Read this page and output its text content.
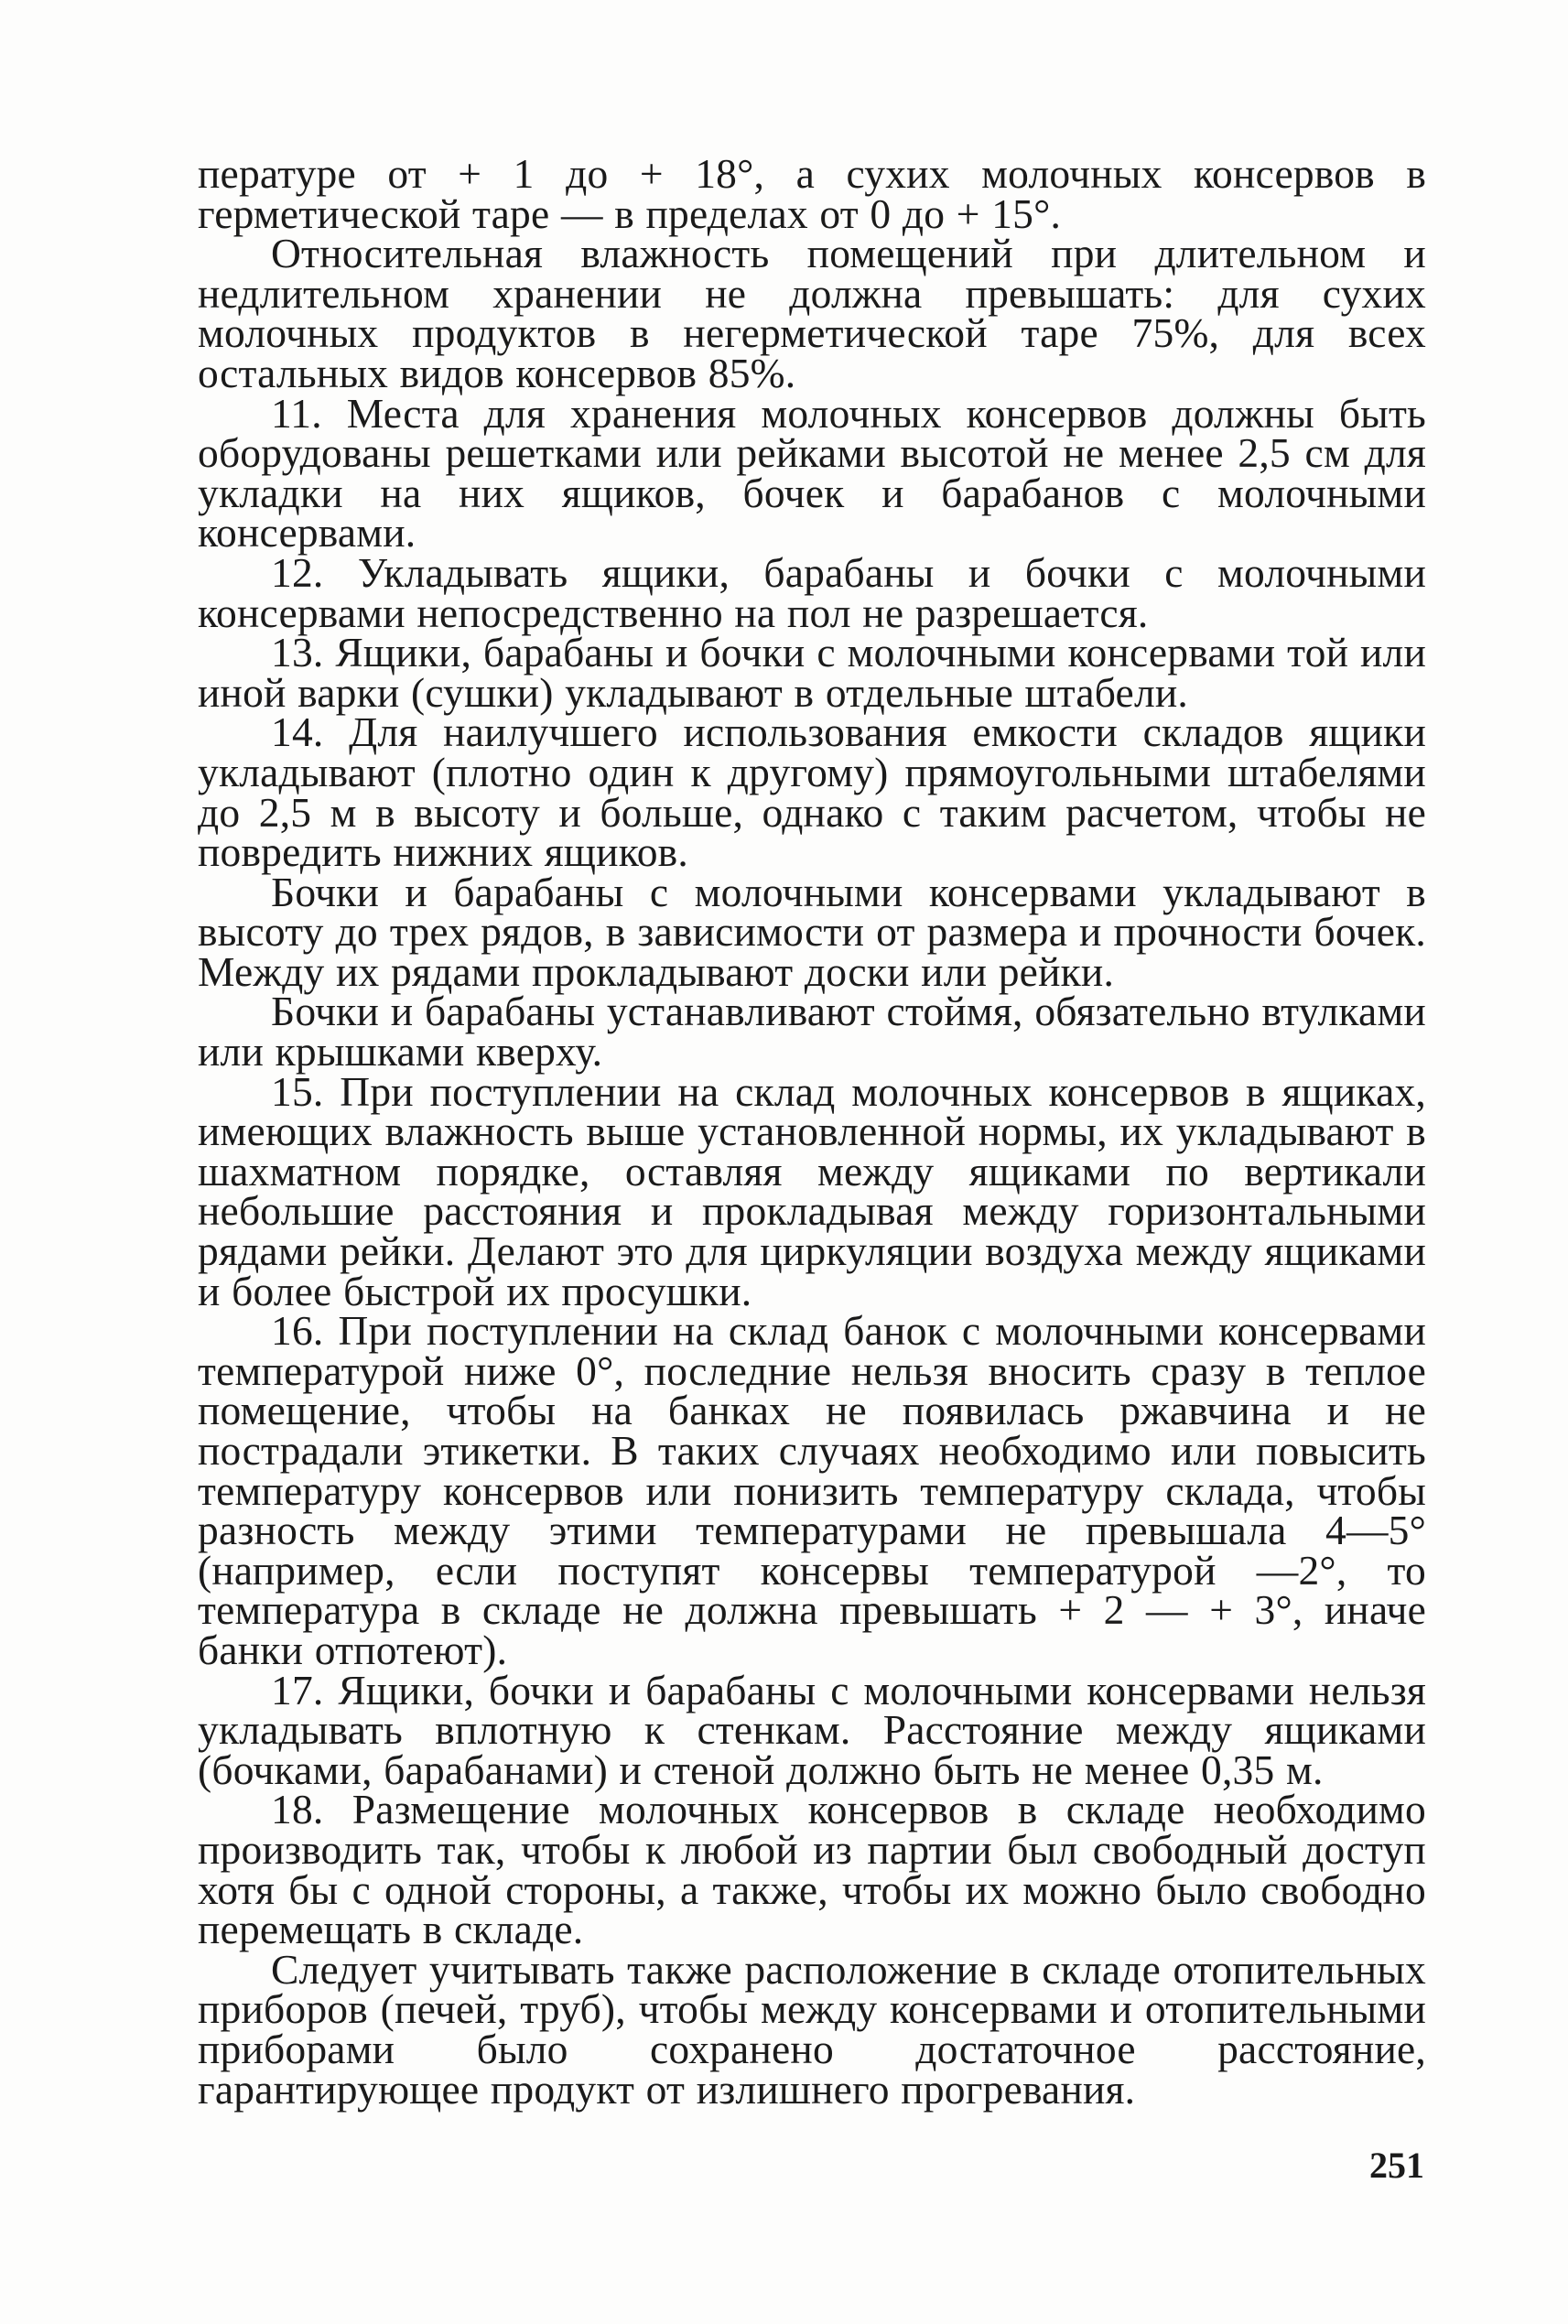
пературе от + 1 до + 18°, а сухих молочных консервов в герметической таре — в пределах от 0 до + 15°.

Относительная влажность помещений при длительном и недлительном хранении не должна превышать: для сухих молочных продуктов в негерметической таре 75%, для всех остальных видов консервов 85%.

11. Места для хранения молочных консервов должны быть оборудованы решетками или рейками высотой не менее 2,5 см для укладки на них ящиков, бочек и барабанов с молочными консервами.

12. Укладывать ящики, барабаны и бочки с молочными консервами непосредственно на пол не разрешается.

13. Ящики, барабаны и бочки с молочными консервами той или иной варки (сушки) укладывают в отдельные штабели.

14. Для наилучшего использования емкости складов ящики укладывают (плотно один к другому) прямоугольными штабелями до 2,5 м в высоту и больше, однако с таким расчетом, чтобы не повредить нижних ящиков.

Бочки и барабаны с молочными консервами укладывают в высоту до трех рядов, в зависимости от размера и прочности бочек. Между их рядами прокладывают доски или рейки.

Бочки и барабаны устанавливают стоймя, обязательно втулками или крышками кверху.

15. При поступлении на склад молочных консервов в ящиках, имеющих влажность выше установленной нормы, их укладывают в шахматном порядке, оставляя между ящиками по вертикали небольшие расстояния и прокладывая между горизонтальными рядами рейки. Делают это для циркуляции воздуха между ящиками и более быстрой их просушки.

16. При поступлении на склад банок с молочными консервами температурой ниже 0°, последние нельзя вносить сразу в теплое помещение, чтобы на банках не появилась ржавчина и не пострадали этикетки. В таких случаях необходимо или повысить температуру консервов или понизить температуру склада, чтобы разность между этими температурами не превышала 4—5° (например, если поступят консервы температурой —2°, то температура в складе не должна превышать + 2 — + 3°, иначе банки отпотеют).

17. Ящики, бочки и барабаны с молочными консервами нельзя укладывать вплотную к стенкам. Расстояние между ящиками (бочками, барабанами) и стеной должно быть не менее 0,35 м.

18. Размещение молочных консервов в складе необходимо производить так, чтобы к любой из партии был свободный доступ хотя бы с одной стороны, а также, чтобы их можно было свободно перемещать в складе.

Следует учитывать также расположение в складе отопительных приборов (печей, труб), чтобы между консервами и отопительными приборами было сохранено достаточное расстояние, гарантирующее продукт от излишнего прогревания.

251
